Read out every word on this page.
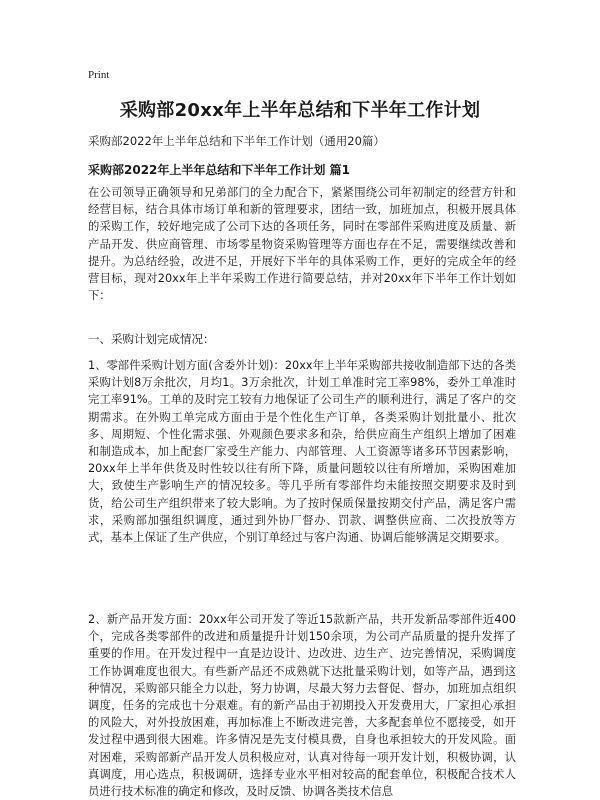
Print
采购部20xx年上半年总结和下半年工作计划
采购部2022年上半年总结和下半年工作计划（通用20篇）
采购部2022年上半年总结和下半年工作计划 篇1
在公司领导正确领导和兄弟部门的全力配合下，紧紧围绕公司年初制定的经营方针和经营目标，结合具体市场订单和新的管理要求，团结一致，加班加点，积极开展具体的采购工作，较好地完成了公司下达的各项任务，同时在零部件采购进度及质量、新产品开发、供应商管理、市场零星物资采购管理等方面也存在不足，需要继续改善和提升。为总结经验，改进不足，开展好下半年的具体采购工作，更好的完成全年的经营目标，现对20xx年上半年采购工作进行简要总结，并对20xx年下半年工作计划如下：
一、采购计划完成情况：
1、零部件采购计划方面(含委外计划)：20xx年上半年采购部共接收制造部下达的各类采购计划8万余批次，月均1。3万余批次，计划工单准时完工率98%，委外工单准时完工率91%。工单的及时完工较有力地保证了公司生产的顺利进行，满足了客户的交期需求。在外购工单完成方面由于是个性化生产订单，各类采购计划批量小、批次多、周期短、个性化需求强、外观颜色要求多和杂，给供应商生产组织上增加了困难和制造成本，加上配套厂家受生产能力、内部管理、人工资源等诸多环节因素影响，20xx年上半年供货及时性较以往有所下降，质量问题较以往有所增加，采购困难加大，致使生产影响生产的情况较多。等几乎所有零部件均未能按照交期要求及时到货，给公司生产组织带来了较大影响。为了按时保质保量按期交付产品，满足客户需求，采购部加强组织调度，通过到外协厂督办、罚款、调整供应商、二次投放等方式，基本上保证了生产供应，个别订单经过与客户沟通、协调后能够满足交期要求。
2、新产品开发方面：20xx年公司开发了等近15款新产品，共开发新品零部件近400个，完成各类零部件的改进和质量提升计划150余项，为公司产品质量的提升发挥了重要的作用。在开发过程中一直是边设计、边改进、边生产、边完善情况，采购调度工作协调难度也很大。有些新产品还不成熟就下达批量采购计划，如等产品，遇到这种情况，采购部只能全力以赴，努力协调，尽最大努力去督促、督办，加班加点组织调度，任务的完成也十分艰难。有的新产品由于初期投入开发费用大，厂家担心承担的风险大，对外投放困难，再加标准上不断改进完善，大多配套单位不愿接受，如开发过程中遇到很大困难。许多情况是先支付模具费，自身也承担较大的开发风险。面对困难，采购部新产品开发人员积极应对，认真对待每一项开发计划，积极协调，认真调度，用心选点，积极调研，选择专业水平相对较高的配套单位，积极配合技术人员进行技术标准的确定和修改，及时反馈、协调各类技术信息
